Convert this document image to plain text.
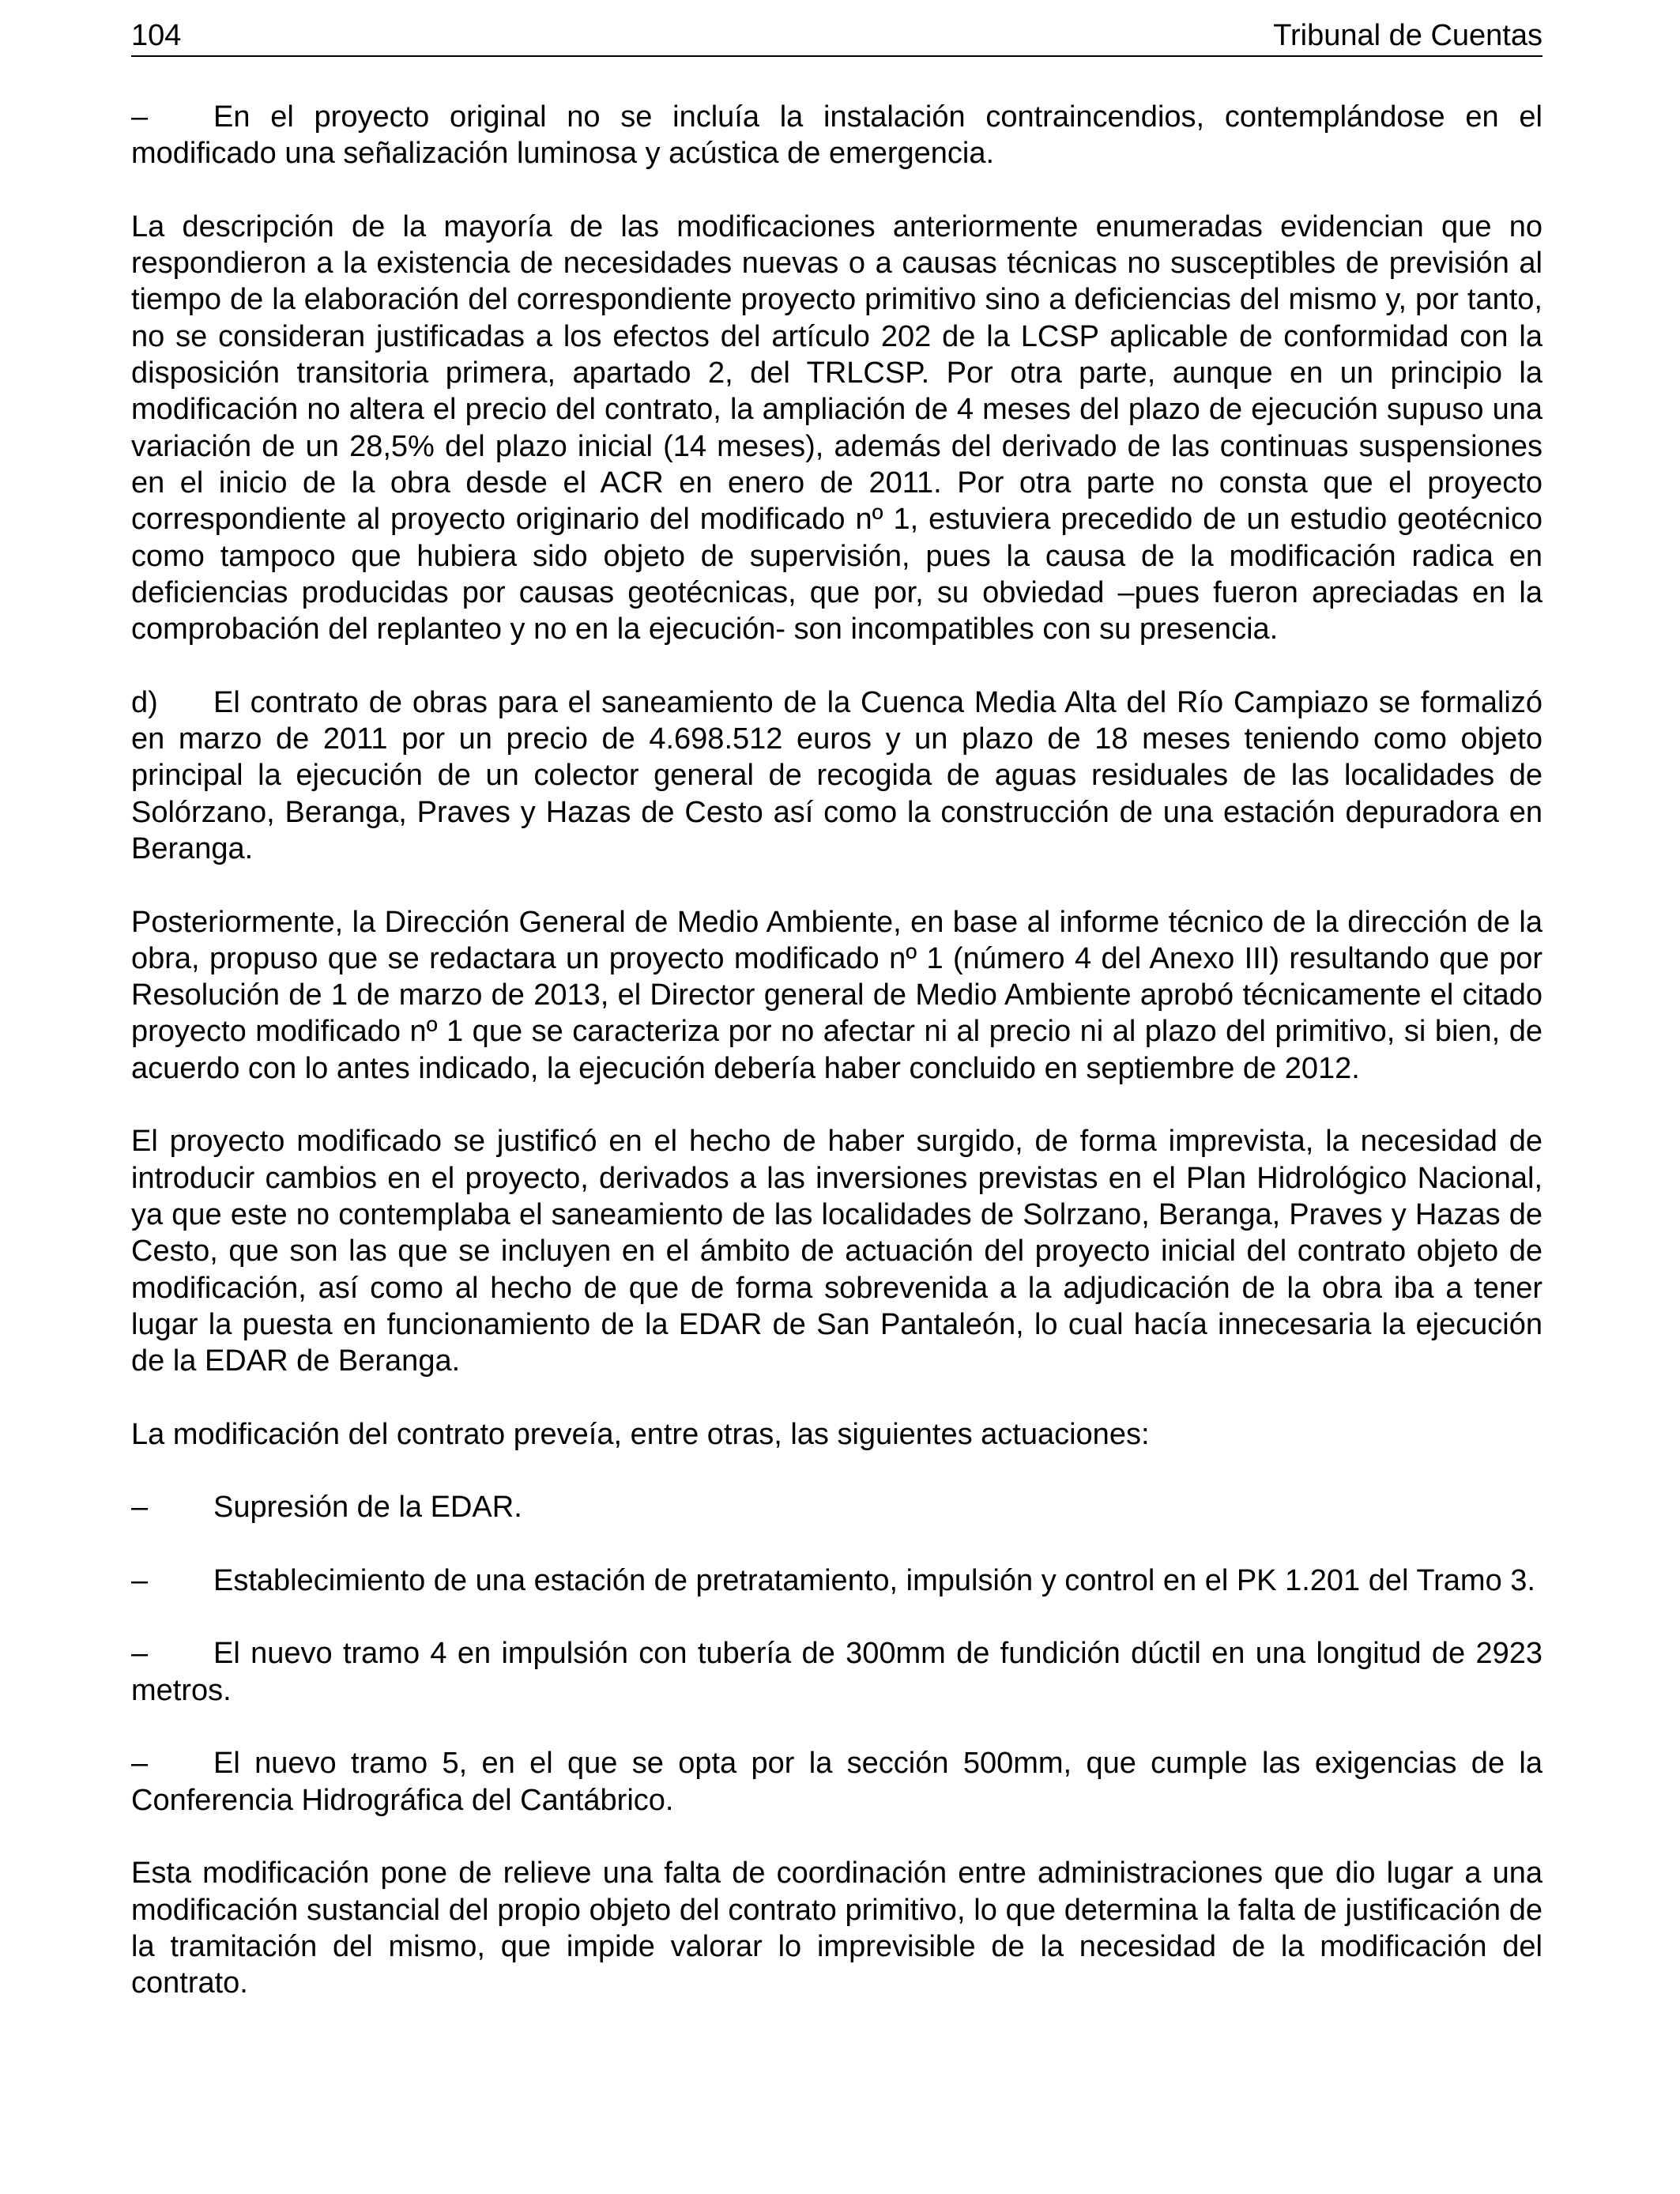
104	Tribunal de Cuentas

– En el proyecto original no se incluía la instalación contraincendios, contemplándose en el modificado una señalización luminosa y acústica de emergencia.

La descripción de la mayoría de las modificaciones anteriormente enumeradas evidencian que no respondieron a la existencia de necesidades nuevas o a causas técnicas no susceptibles de previsión al tiempo de la elaboración del correspondiente proyecto primitivo sino a deficiencias del mismo y, por tanto, no se consideran justificadas a los efectos del artículo 202 de la LCSP aplicable de conformidad con la disposición transitoria primera, apartado 2, del TRLCSP. Por otra parte, aunque en un principio la modificación no altera el precio del contrato, la ampliación de 4 meses del plazo de ejecución supuso una variación de un 28,5% del plazo inicial (14 meses), además del derivado de las continuas suspensiones en el inicio de la obra desde el ACR en enero de 2011. Por otra parte no consta que el proyecto correspondiente al proyecto originario del modificado nº 1, estuviera precedido de un estudio geotécnico como tampoco que hubiera sido objeto de supervisión, pues la causa de la modificación radica en deficiencias producidas por causas geotécnicas, que por, su obviedad –pues fueron apreciadas en la comprobación del replanteo y no en la ejecución- son incompatibles con su presencia.

d) El contrato de obras para el saneamiento de la Cuenca Media Alta del Río Campiazo se formalizó en marzo de 2011 por un precio de 4.698.512 euros y un plazo de 18 meses teniendo como objeto principal la ejecución de un colector general de recogida de aguas residuales de las localidades de Solórzano, Beranga, Praves y Hazas de Cesto así como la construcción de una estación depuradora en Beranga.

Posteriormente, la Dirección General de Medio Ambiente, en base al informe técnico de la dirección de la obra, propuso que se redactara un proyecto modificado nº 1 (número 4 del Anexo III) resultando que por Resolución de 1 de marzo de 2013, el Director general de Medio Ambiente aprobó técnicamente el citado proyecto modificado nº 1 que se caracteriza por no afectar ni al precio ni al plazo del primitivo, si bien, de acuerdo con lo antes indicado, la ejecución debería haber concluido en septiembre de 2012.

El proyecto modificado se justificó en el hecho de haber surgido, de forma imprevista, la necesidad de introducir cambios en el proyecto, derivados a las inversiones previstas en el Plan Hidrológico Nacional, ya que este no contemplaba el saneamiento de las localidades de Solrzano, Beranga, Praves y Hazas de Cesto, que son las que se incluyen en el ámbito de actuación del proyecto inicial del contrato objeto de modificación, así como al hecho de que de forma sobrevenida a la adjudicación de la obra iba a tener lugar la puesta en funcionamiento de la EDAR de San Pantaleón, lo cual hacía innecesaria la ejecución de la EDAR de Beranga.

La modificación del contrato preveía, entre otras, las siguientes actuaciones:

– Supresión de la EDAR.

– Establecimiento de una estación de pretratamiento, impulsión y control en el PK 1.201 del Tramo 3.

– El nuevo tramo 4 en impulsión con tubería de 300mm de fundición dúctil en una longitud de 2923 metros.

– El nuevo tramo 5, en el que se opta por la sección 500mm, que cumple las exigencias de la Conferencia Hidrográfica del Cantábrico.

Esta modificación pone de relieve una falta de coordinación entre administraciones que dio lugar a una modificación sustancial del propio objeto del contrato primitivo, lo que determina la falta de justificación de la tramitación del mismo, que impide valorar lo imprevisible de la necesidad de la modificación del contrato.
